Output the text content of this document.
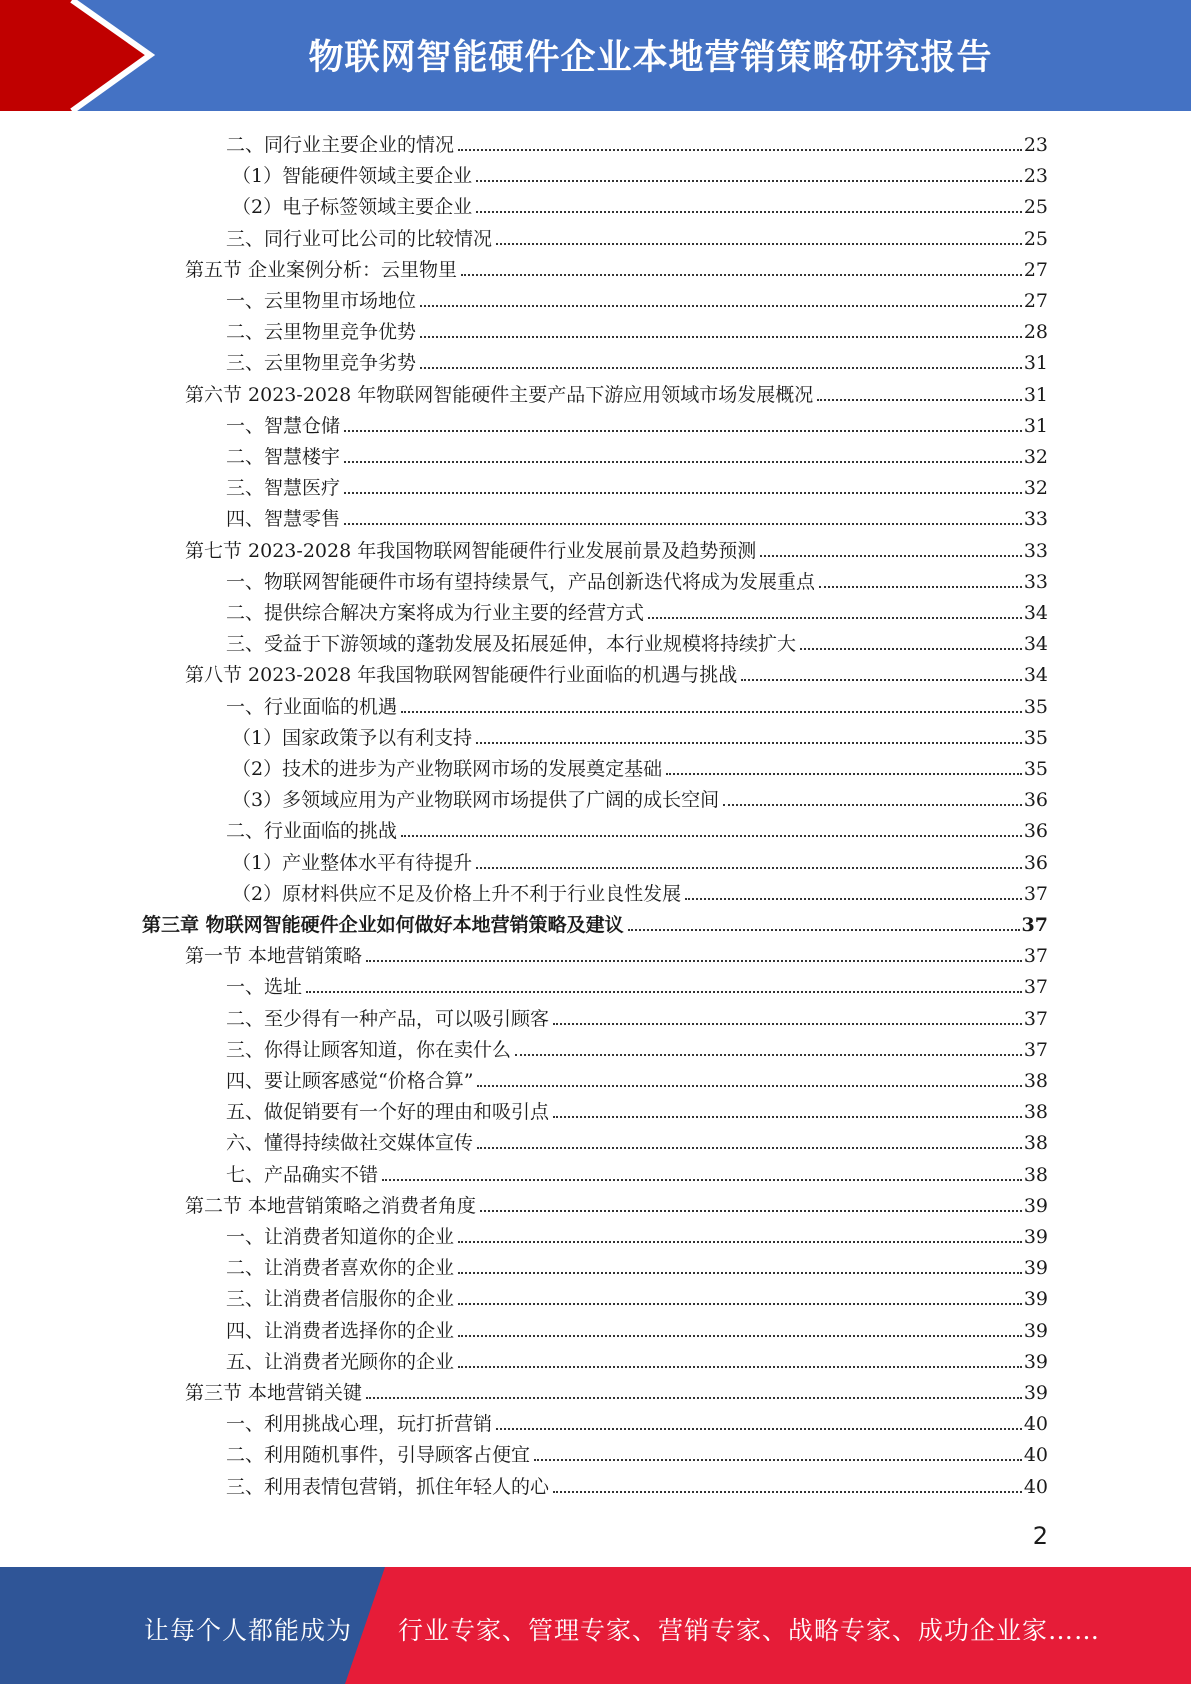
物联网智能硬件企业本地营销策略研究报告
二、同行业主要企业的情况	23
（1）智能硬件领域主要企业	23
（2）电子标签领域主要企业	25
三、同行业可比公司的比较情况	25
第五节 企业案例分析：云里物里	27
一、云里物里市场地位	27
二、云里物里竞争优势	28
三、云里物里竞争劣势	31
第六节 2023-2028 年物联网智能硬件主要产品下游应用领域市场发展概况	31
一、智慧仓储	31
二、智慧楼宇	32
三、智慧医疗	32
四、智慧零售	33
第七节 2023-2028 年我国物联网智能硬件行业发展前景及趋势预测	33
一、物联网智能硬件市场有望持续景气，产品创新迭代将成为发展重点	33
二、提供综合解决方案将成为行业主要的经营方式	34
三、受益于下游领域的蓬勃发展及拓展延伸，本行业规模将持续扩大	34
第八节 2023-2028 年我国物联网智能硬件行业面临的机遇与挑战	34
一、行业面临的机遇	35
（1）国家政策予以有利支持	35
（2）技术的进步为产业物联网市场的发展奠定基础	35
（3）多领域应用为产业物联网市场提供了广阔的成长空间	36
二、行业面临的挑战	36
（1）产业整体水平有待提升	36
（2）原材料供应不足及价格上升不利于行业良性发展	37
第三章 物联网智能硬件企业如何做好本地营销策略及建议	37
第一节 本地营销策略	37
一、选址	37
二、至少得有一种产品，可以吸引顾客	37
三、你得让顾客知道，你在卖什么	37
四、要让顾客感觉“价格合算”	38
五、做促销要有一个好的理由和吸引点	38
六、懂得持续做社交媒体宣传	38
七、产品确实不错	38
第二节 本地营销策略之消费者角度	39
一、让消费者知道你的企业	39
二、让消费者喜欢你的企业	39
三、让消费者信服你的企业	39
四、让消费者选择你的企业	39
五、让消费者光顾你的企业	39
第三节 本地营销关键	39
一、利用挑战心理，玩打折营销	40
二、利用随机事件，引导顾客占便宜	40
三、利用表情包营销，抓住年轻人的心	40
2
让每个人都能成为 行业专家、管理专家、营销专家、战略专家、成功企业家……
